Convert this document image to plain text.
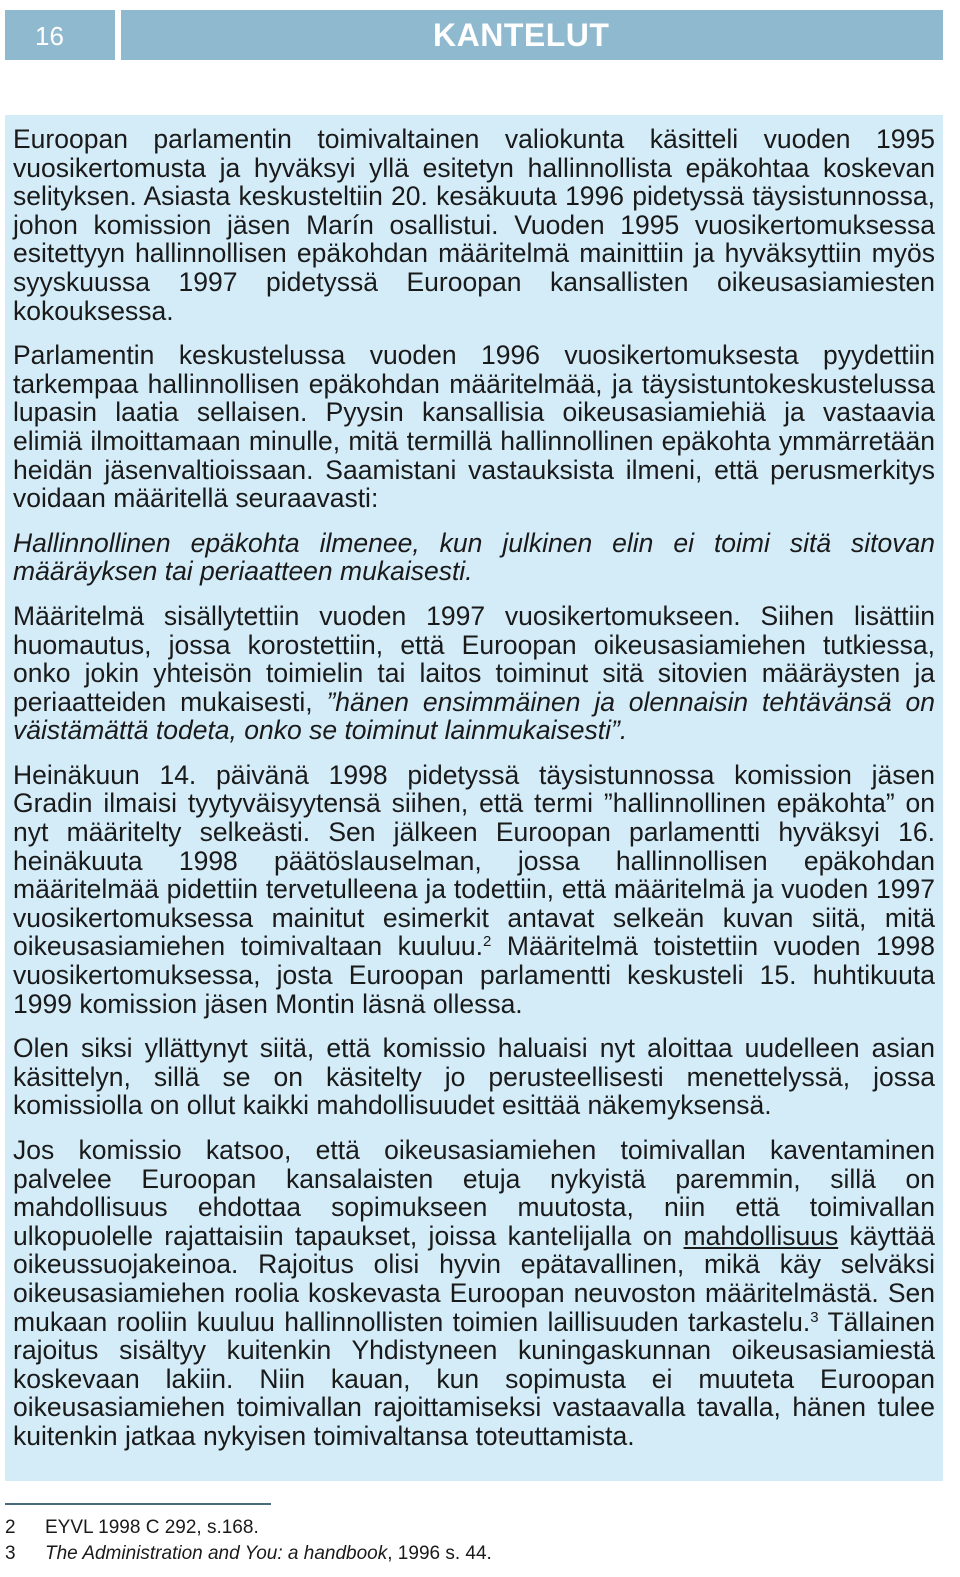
16	KANTELUT

Euroopan parlamentin toimivaltainen valiokunta käsitteli vuoden 1995 vuosikertomusta ja hyväksyi yllä esitetyn hallinnollista epäkohtaa koskevan selityksen. Asiasta keskusteltiin 20. kesäkuuta 1996 pidetyssä täysistunnossa, johon komission jäsen Marín osallistui. Vuoden 1995 vuosikertomuksessa esitettyyn hallinnollisen epäkohdan määritelmä mainittiin ja hyväksyttiin myös syyskuussa 1997 pidetyssä Euroopan kansallisten oikeusasiamiesten kokouksessa.

Parlamentin keskustelussa vuoden 1996 vuosikertomuksesta pyydettiin tarkempaa hallinnollisen epäkohdan määritelmää, ja täysistuntokeskustelussa lupasin laatia sellaisen. Pyysin kansallisia oikeusasiamiehiä ja vastaavia elimiä ilmoittamaan minulle, mitä termillä hallinnollinen epäkohta ymmärretään heidän jäsenvaltioissaan. Saamistani vastauksista ilmeni, että perusmerkitys voidaan määritellä seuraavasti:

Hallinnollinen epäkohta ilmenee, kun julkinen elin ei toimi sitä sitovan määräyksen tai periaatteen mukaisesti.

Määritelmä sisällytettiin vuoden 1997 vuosikertomukseen. Siihen lisättiin huomautus, jossa korostettiin, että Euroopan oikeusasiamiehen tutkiessa, onko jokin yhteisön toimielin tai laitos toiminut sitä sitovien määräysten ja periaatteiden mukaisesti, ”hänen ensimmäinen ja olennaisin tehtävänsä on väistämättä todeta, onko se toiminut lainmukaisesti”.

Heinäkuun 14. päivänä 1998 pidetyssä täysistunnossa komission jäsen Gradin ilmaisi tyytyväisyytensä siihen, että termi ”hallinnollinen epäkohta” on nyt määritelty selkeästi. Sen jälkeen Euroopan parlamentti hyväksyi 16. heinäkuuta 1998 päätöslauselman, jossa hallinnollisen epäkohdan määritelmää pidettiin tervetulleena ja todettiin, että määritelmä ja vuoden 1997 vuosikertomuksessa mainitut esimerkit antavat selkeän kuvan siitä, mitä oikeusasiamiehen toimivaltaan kuuluu.$^2$ Määritelmä toistettiin vuoden 1998 vuosikertomuksessa, josta Euroopan parlamentti keskusteli 15. huhtikuuta 1999 komission jäsen Montin läsnä ollessa.

Olen siksi yllättynyt siitä, että komissio haluaisi nyt aloittaa uudelleen asian käsittelyn, sillä se on käsitelty jo perusteellisesti menettelyssä, jossa komissiolla on ollut kaikki mahdollisuudet esittää näkemyksensä.

Jos komissio katsoo, että oikeusasiamiehen toimivallan kaventaminen palvelee Euroopan kansalaisten etuja nykyistä paremmin, sillä on mahdollisuus ehdottaa sopimukseen muutosta, niin että toimivallan ulkopuolelle rajattaisiin tapaukset, joissa kantelijalla on mahdollisuus käyttää oikeussuojakeinoa. Rajoitus olisi hyvin epätavallinen, mikä käy selväksi oikeusasiamiehen roolia koskevasta Euroopan neuvoston määritelmästä. Sen mukaan rooliin kuuluu hallinnollisten toimien laillisuuden tarkastelu.$^3$ Tällainen rajoitus sisältyy kuitenkin Yhdistyneen kuningaskunnan oikeusasiamiestä koskevaan lakiin. Niin kauan, kun sopimusta ei muuteta Euroopan oikeusasiamiehen toimivallan rajoittamiseksi vastaavalla tavalla, hänen tulee kuitenkin jatkaa nykyisen toimivaltansa toteuttamista.

2	EYVL 1998 C 292, s.168.
3	The Administration and You: a handbook, 1996 s. 44.
